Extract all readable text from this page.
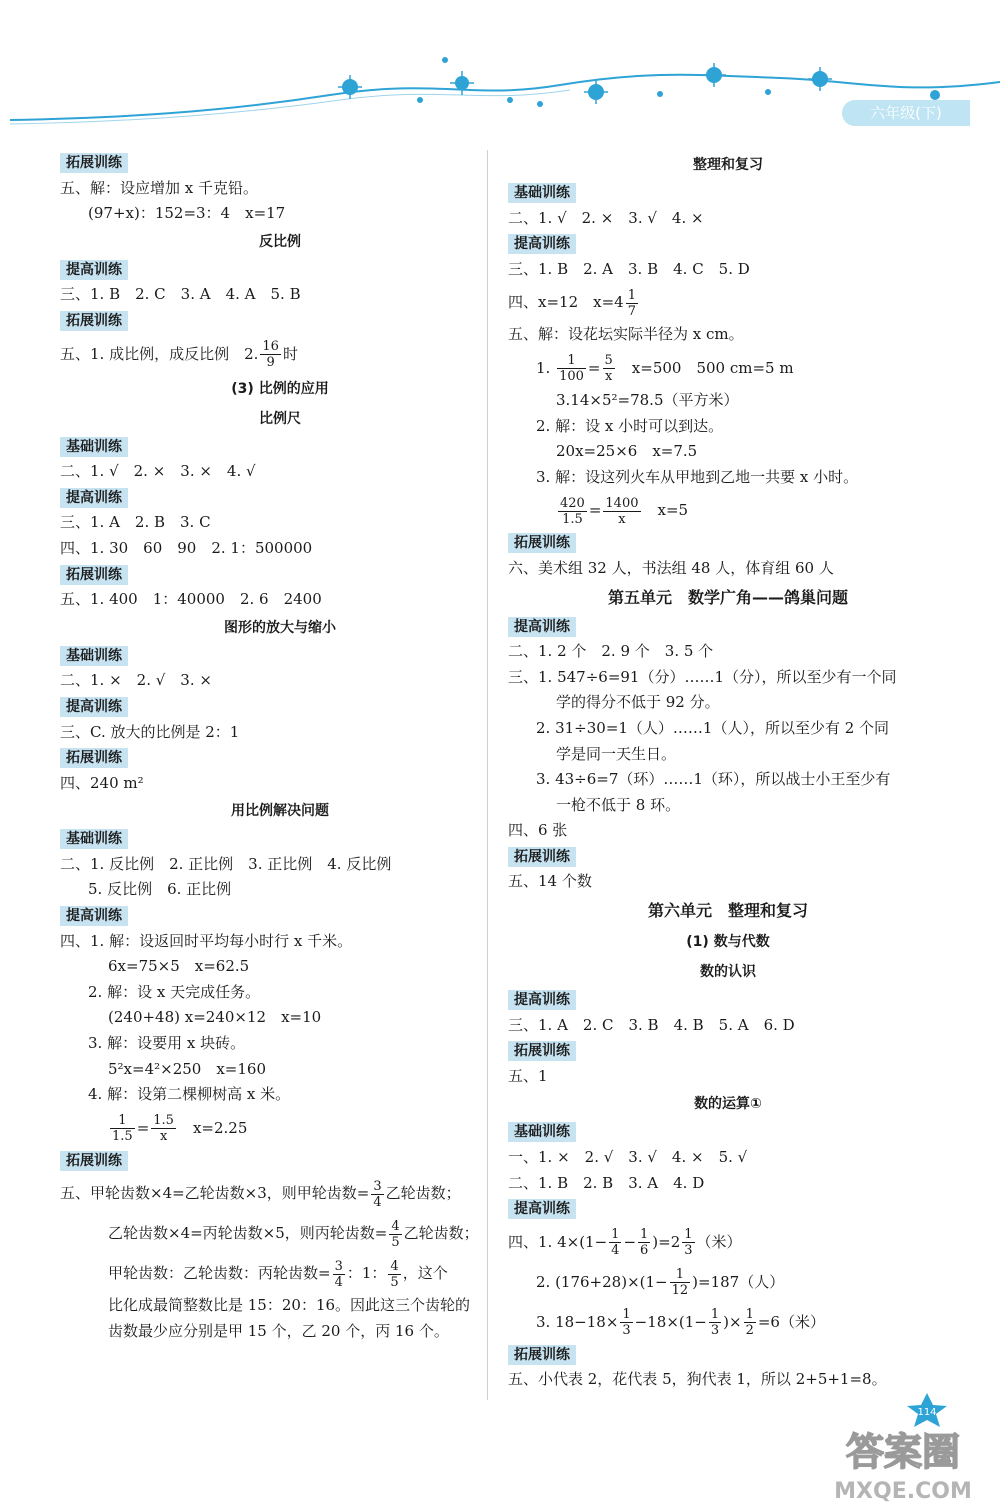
六年级(下)
拓展训练
五、解：设应增加 x 千克铅。
(97+x)：152=3：4　x=17
反比例
提高训练
三、1. B　2. C　3. A　4. A　5. B
拓展训练
五、1. 成比例，成反比例　2. $\frac{16}{9}$ 时
(3) 比例的应用
比例尺
基础训练
二、1. √　2. ×　3. ×　4. √
提高训练
三、1. A　2. B　3. C
四、1. 30　60　90　2. 1：500000
拓展训练
五、1. 400　1：40000　2. 6　2400
图形的放大与缩小
基础训练
二、1. ×　2. √　3. ×
提高训练
三、C. 放大的比例是 2：1
拓展训练
四、240 m²
用比例解决问题
基础训练
二、1. 反比例　2. 正比例　3. 正比例　4. 反比例
5. 反比例　6. 正比例
提高训练
四、1. 解：设返回时平均每小时行 x 千米。
6x=75×5　x=62.5
2. 解：设 x 天完成任务。
(240+48) x=240×12　x=10
3. 解：设要用 x 块砖。
5²x=4²×250　x=160
4. 解：设第二棵柳树高 x 米。
$\frac{1}{1.5} = \frac{1.5}{x}$
　 x=2.25
拓展训练
五、甲轮齿数×4=乙轮齿数×3，则甲轮齿数= $\frac{3}{4}$ 乙轮齿数；
乙轮齿数×4=丙轮齿数×5，则丙轮齿数= $\frac{4}{5}$ 乙轮齿数；
甲轮齿数：乙轮齿数：丙轮齿数= $\frac{3}{4}$ ：1： $\frac{4}{5}$ ，这个
比化成最简整数比是 15：20：16。因此这三个齿轮的
齿数最少应分别是甲 15 个，乙 20 个，丙 16 个。
整理和复习
基础训练
二、1. √　2. ×　3. √　4. ×
提高训练
三、1. B　2. A　3. B　4. C　5. D
四、x=12　$x=4 \frac{1}{7}$
五、解：设花坛实际半径为 x cm。
1. $\frac{1}{100} = \frac{5}{x}$
　 x=500　500 cm=5 m
3.14×5²=78.5（平方米）
2. 解：设 x 小时可以到达。
20x=25×6　x=7.5
3. 解：设这列火车从甲地到乙地一共要 x 小时。
$\frac{420}{1.5} = \frac{1400}{x}$
　 x=5
拓展训练
六、美术组 32 人，书法组 48 人，体育组 60 人
第五单元　数学广角——鸽巢问题
提高训练
二、1. 2 个　2. 9 个　3. 5 个
三、1. 547÷6=91（分）……1（分），所以至少有一个同
学的得分不低于 92 分。
2. 31÷30=1（人）……1（人），所以至少有 2 个同
学是同一天生日。
3. 43÷6=7（环）……1（环），所以战士小王至少有
一枪不低于 8 环。
四、6 张
拓展训练
五、14 个数
第六单元　整理和复习
(1) 数与代数
数的认识
提高训练
三、1. A　2. C　3. B　4. B　5. A　6. D
拓展训练
五、1
数的运算①
基础训练
一、1. ×　2. √　3. √　4. ×　5. √
二、1. B　2. B　3. A　4. D
提高训练
四、1. $4\times(1- \frac{1}{4} - \frac{1}{6} )=2 \frac{1}{3}$ （米）
2. $(176+28)\times(1- \frac{1}{12} )=187$（人）
3. $18-18\times \frac{1}{3} -18\times(1- \frac{1}{3}$ )× $\frac{1}{2} =6$（米）
拓展训练
五、小代表 2，花代表 5，狗代表 1，所以 2+5+1=8。
114
答案圈
MXQE.COM
